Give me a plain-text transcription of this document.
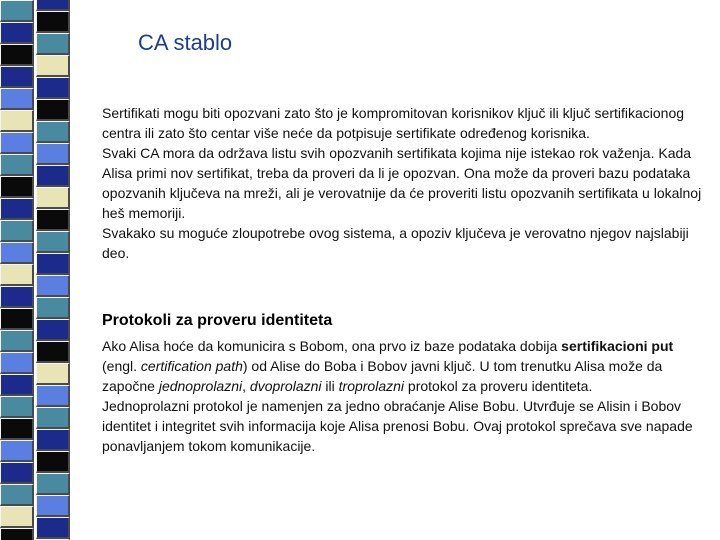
CA stablo

Sertifikati mogu biti opozvani zato što je kompromitovan korisnikov ključ ili ključ sertifikacionog centra ili zato što centar više neće da potpisuje sertifikate određenog korisnika.

Svaki CA mora da održava listu svih opozvanih sertifikata kojima nije istekao rok važenja. Kada Alisa primi nov sertifikat, treba da proveri da li je opozvan. Ona može da proveri bazu podataka opozvanih ključeva na mreži, ali je verovatnije da će proveriti listu opozvanih sertifikata u lokalnoj heš memoriji.

Svakako su moguće zloupotrebe ovog sistema, a opoziv ključeva je verovatno njegov najslabiji deo.

Protokoli za proveru identiteta

Ako Alisa hoće da komunicira s Bobom, ona prvo iz baze podataka dobija sertifikacioni put (engl. certification path) od Alise do Boba i Bobov javni ključ. U tom trenutku Alisa može da započne jednoprolazni, dvoprolazni ili troprolazni protokol za proveru identiteta.

Jednoprolazni protokol je namenjen za jedno obraćanje Alise Bobu. Utvrđuje se Alisin i Bobov identitet i integritet svih informacija koje Alisa prenosi Bobu. Ovaj protokol sprečava sve napade ponavljanjem tokom komunikacije.
